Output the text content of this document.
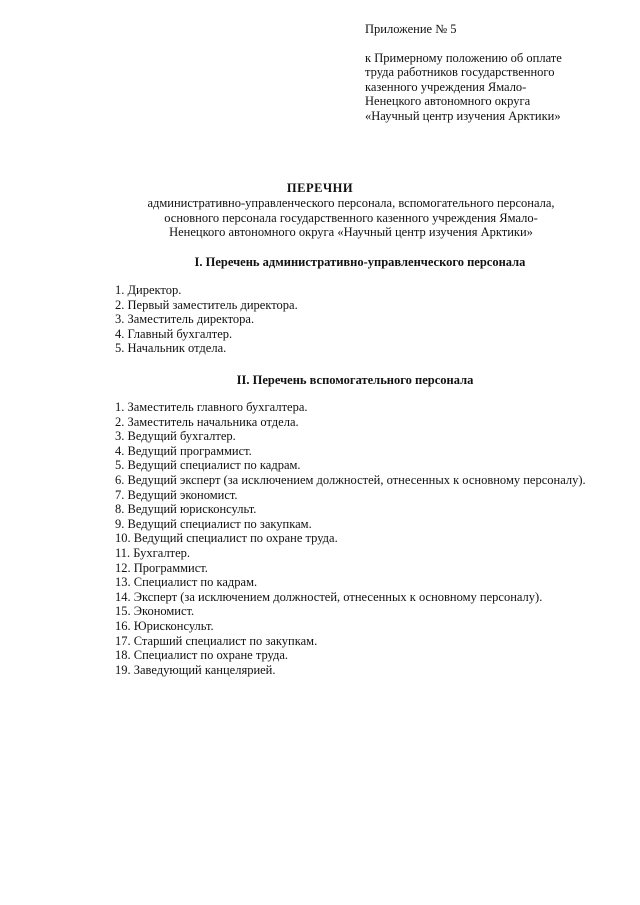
Приложение № 5
к Примерному положению об оплате
труда работников государственного
казенного учреждения Ямало-
Ненецкого автономного округа
«Научный центр изучения Арктики»
ПЕРЕЧНИ
административно-управленческого персонала, вспомогательного персонала,
основного персонала государственного казенного учреждения Ямало-
Ненецкого автономного округа «Научный центр изучения Арктики»
I. Перечень административно-управленческого персонала
1. Директор.
2. Первый заместитель директора.
3. Заместитель директора.
4. Главный бухгалтер.
5. Начальник отдела.
II. Перечень вспомогательного персонала
1. Заместитель главного бухгалтера.
2. Заместитель начальника отдела.
3. Ведущий бухгалтер.
4. Ведущий программист.
5. Ведущий специалист по кадрам.
6. Ведущий эксперт (за исключением должностей, отнесенных к основному персоналу).
7. Ведущий экономист.
8. Ведущий юрисконсульт.
9. Ведущий специалист по закупкам.
10. Ведущий специалист по охране труда.
11. Бухгалтер.
12. Программист.
13. Специалист по кадрам.
14. Эксперт (за исключением должностей, отнесенных к основному персоналу).
15. Экономист.
16. Юрисконсульт.
17. Старший специалист по закупкам.
18. Специалист по охране труда.
19. Заведующий канцелярией.
